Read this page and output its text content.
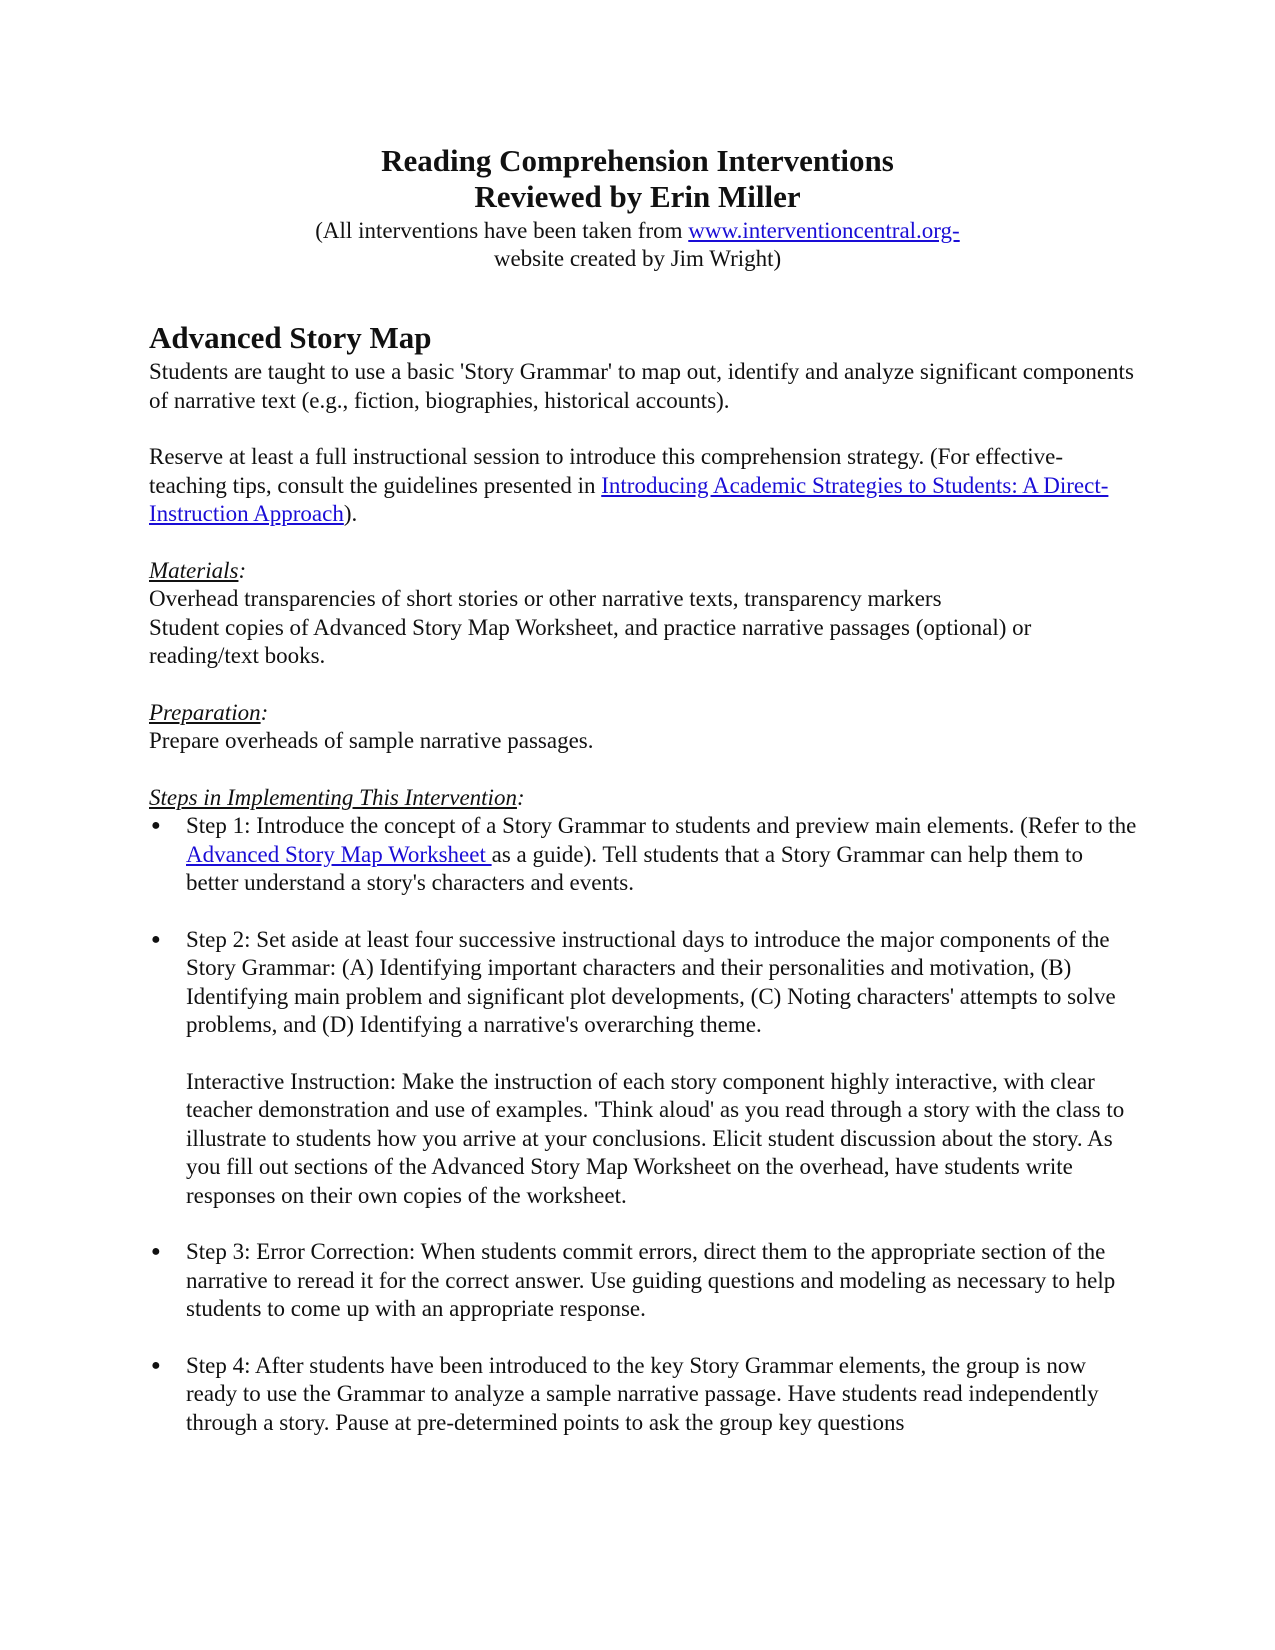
Reading Comprehension Interventions
Reviewed by Erin Miller
(All interventions have been taken from www.interventioncentral.org-
website created by Jim Wright)
Advanced Story Map

Students are taught to use a basic 'Story Grammar' to map out, identify and analyze significant components of narrative text (e.g., fiction, biographies, historical accounts).

Reserve at least a full instructional session to introduce this comprehension strategy. (For effective-teaching tips, consult the guidelines presented in Introducing Academic Strategies to Students: A Direct-Instruction Approach).

Materials:

Overhead transparencies of short stories or other narrative texts, transparency markers

Student copies of Advanced Story Map Worksheet, and practice narrative passages (optional) or reading/text books.

Preparation:

Prepare overheads of sample narrative passages.

Steps in Implementing This Intervention:

● Step 1: Introduce the concept of a Story Grammar to students and preview main elements. (Refer to the Advanced Story Map Worksheet as a guide). Tell students that a Story Grammar can help them to better understand a story's characters and events.
● Step 2: Set aside at least four successive instructional days to introduce the major components of the Story Grammar: (A) Identifying important characters and their personalities and motivation, (B) Identifying main problem and significant plot developments, (C) Noting characters' attempts to solve problems, and (D) Identifying a narrative's overarching theme.

Interactive Instruction: Make the instruction of each story component highly interactive, with clear teacher demonstration and use of examples. 'Think aloud' as you read through a story with the class to illustrate to students how you arrive at your conclusions. Elicit student discussion about the story. As you fill out sections of the Advanced Story Map Worksheet on the overhead, have students write responses on their own copies of the worksheet.

● Step 3: Error Correction: When students commit errors, direct them to the appropriate section of the narrative to reread it for the correct answer. Use guiding questions and modeling as necessary to help students to come up with an appropriate response.
● Step 4: After students have been introduced to the key Story Grammar elements, the group is now ready to use the Grammar to analyze a sample narrative passage. Have students read independently through a story. Pause at pre-determined points to ask the group key questions
